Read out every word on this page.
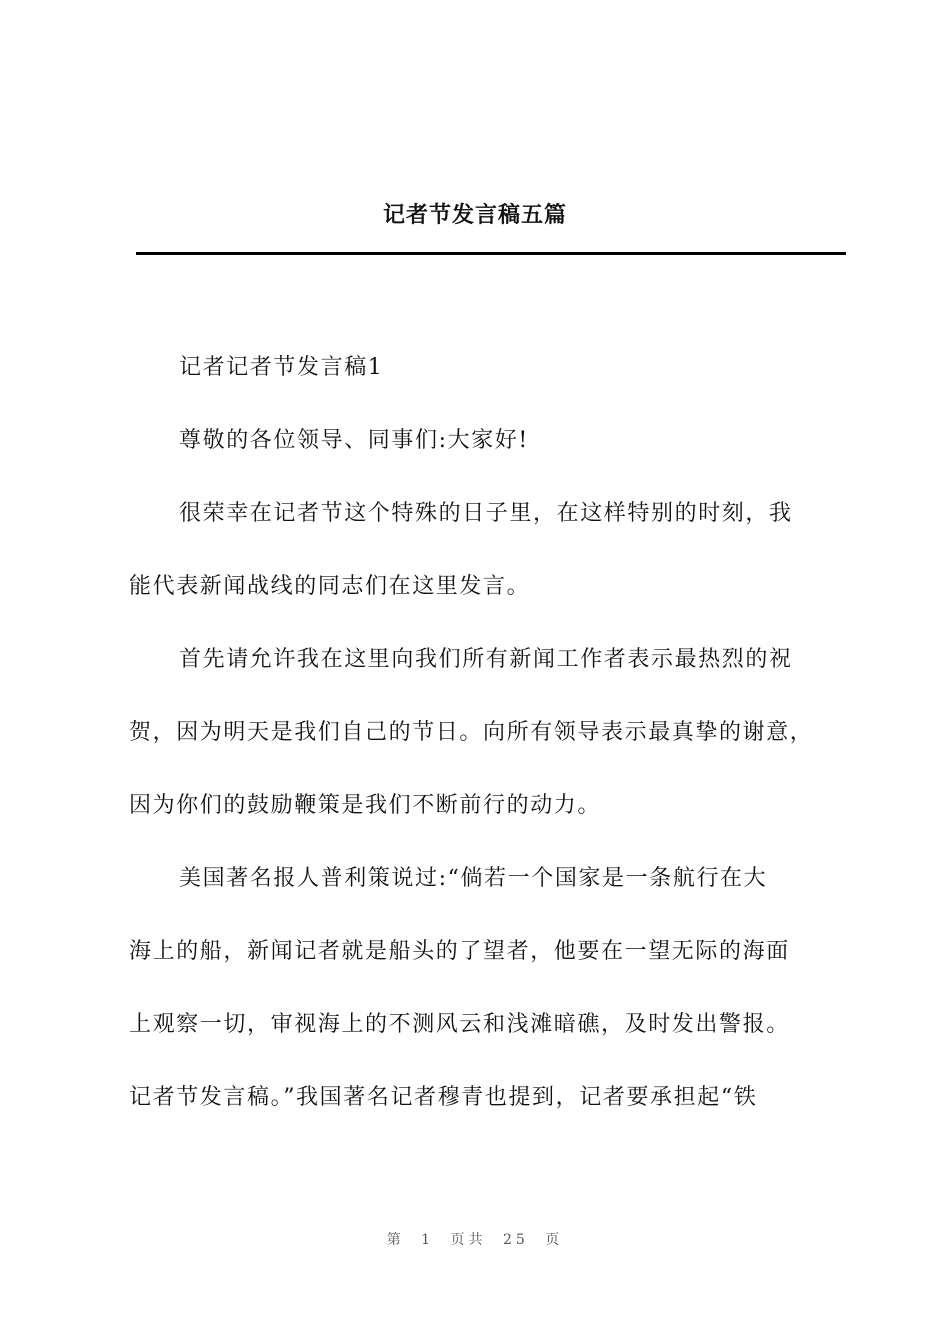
记者节发言稿五篇
记者记者节发言稿1
尊敬的各位领导、同事们:大家好!
很荣幸在记者节这个特殊的日子里，在这样特别的时刻，我
能代表新闻战线的同志们在这里发言。
首先请允许我在这里向我们所有新闻工作者表示最热烈的祝
贺，因为明天是我们自己的节日。向所有领导表示最真挚的谢意，
因为你们的鼓励鞭策是我们不断前行的动力。
美国著名报人普利策说过:“倘若一个国家是一条航行在大
海上的船，新闻记者就是船头的了望者，他要在一望无际的海面
上观察一切，审视海上的不测风云和浅滩暗礁，及时发出警报。
记者节发言稿。”我国著名记者穆青也提到，记者要承担起“铁
第 1 页共 25 页
